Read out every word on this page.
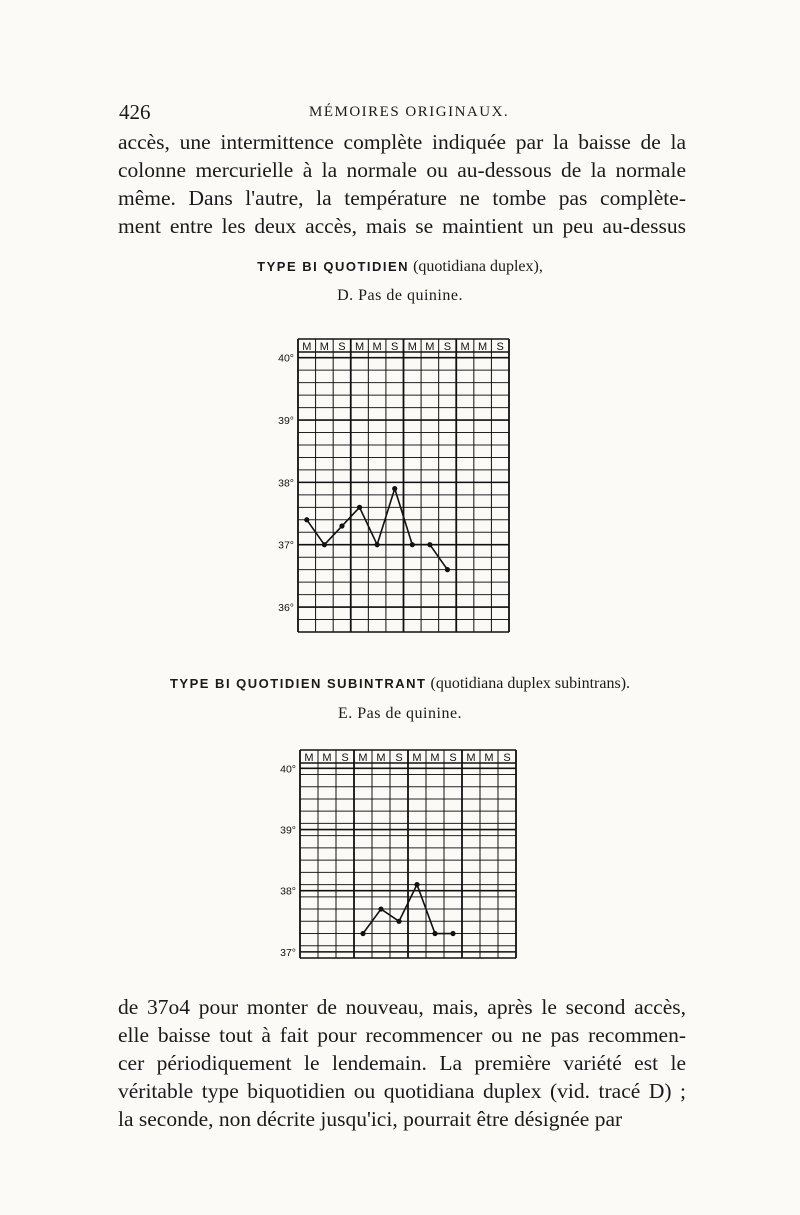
426	MÉMOIRES ORIGINAUX.
accès, une intermittence complète indiquée par la baisse de la
colonne mercurielle à la normale ou au-dessous de la normale
même. Dans l'autre, la température ne tombe pas complète-
ment entre les deux accès, mais se maintient un peu au-dessus
TYPE BI QUOTIDIEN (quotidiana duplex),
D. Pas de quinine.
M M S M M S M M S M M S
40°
39°
38°
37°
36°
TYPE BI QUOTIDIEN SUBINTRANT (quotidiana duplex subintrans).
E. Pas de quinine.
M M S M M S M M S M M S
40°
39°
38°
37°
de 37o4 pour monter de nouveau, mais, après le second accès,
elle baisse tout à fait pour recommencer ou ne pas recommen-
cer périodiquement le lendemain. La première variété est le
véritable type biquotidien ou quotidiana duplex (vid. tracé D) ;
la seconde, non décrite jusqu'ici, pourrait être désignée par
